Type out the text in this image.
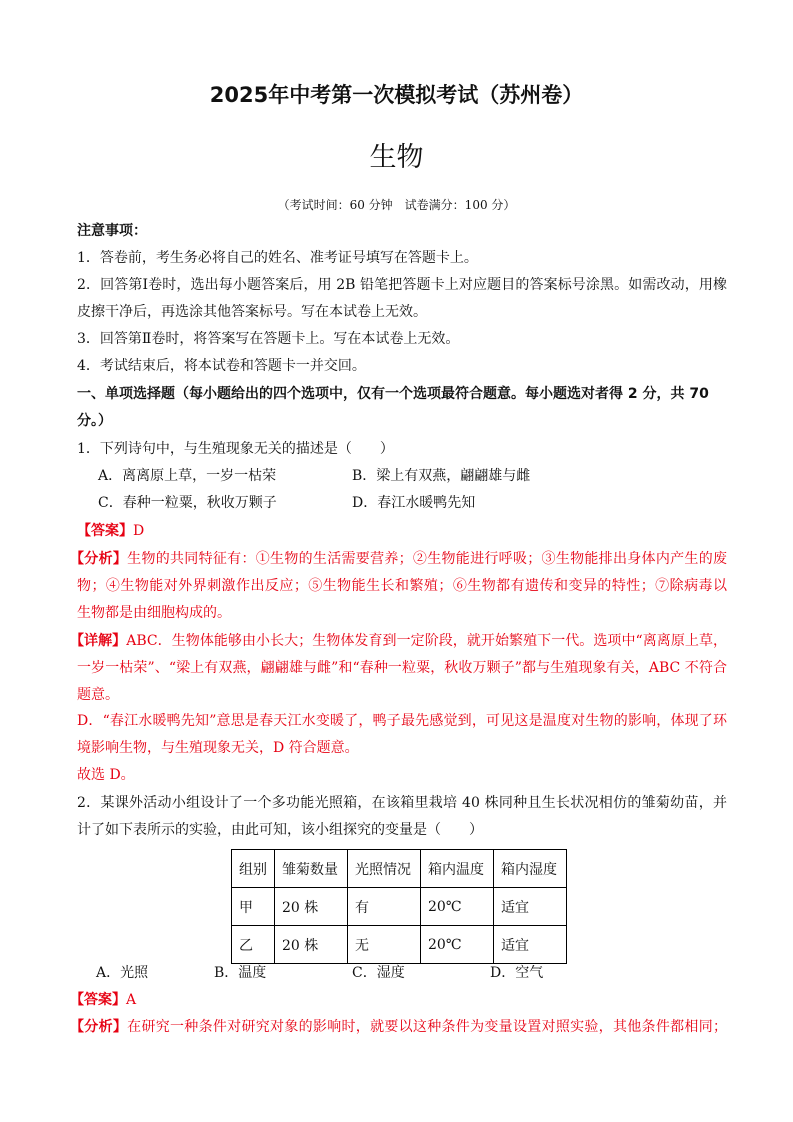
2025年中考第一次模拟考试（苏州卷）
生物
（考试时间：60 分钟　试卷满分：100 分）
注意事项：
1．答卷前，考生务必将自己的姓名、准考证号填写在答题卡上。
2．回答第Ⅰ卷时，选出每小题答案后，用 2B 铅笔把答题卡上对应题目的答案标号涂黑。如需改动，用橡
皮擦干净后，再选涂其他答案标号。写在本试卷上无效。
3．回答第Ⅱ卷时，将答案写在答题卡上。写在本试卷上无效。
4．考试结束后，将本试卷和答题卡一并交回。
一、单项选择题（每小题给出的四个选项中，仅有一个选项最符合题意。每小题选对者得 2 分，共 70
分。）
1．下列诗句中，与生殖现象无关的描述是（　　）
A．离离原上草，一岁一枯荣	B．梁上有双燕，翩翩雄与雌
C．春种一粒粟，秋收万颗子	D．春江水暖鸭先知
【答案】D
【分析】生物的共同特征有：①生物的生活需要营养；②生物能进行呼吸；③生物能排出身体内产生的废
物；④生物能对外界刺激作出反应；⑤生物能生长和繁殖；⑥生物都有遗传和变异的特性；⑦除病毒以
生物都是由细胞构成的。
【详解】ABC．生物体能够由小长大；生物体发育到一定阶段，就开始繁殖下一代。选项中“离离原上草，
一岁一枯荣”、“梁上有双燕，翩翩雄与雌”和“春种一粒粟，秋收万颗子”都与生殖现象有关，ABC 不符合
题意。
D．“春江水暖鸭先知”意思是春天江水变暖了，鸭子最先感觉到，可见这是温度对生物的影响，体现了环
境影响生物，与生殖现象无关，D 符合题意。
故选 D。
2．某课外活动小组设计了一个多功能光照箱，在该箱里栽培 40 株同种且生长状况相仿的雏菊幼苗，并
计了如下表所示的实验，由此可知，该小组探究的变量是（　　）
组别	雏菊数量	光照情况	箱内温度	箱内湿度
甲	20 株	有	20℃	适宜
乙	20 株	无	20℃	适宜
A．光照	B．温度	C．湿度	D．空气
【答案】A
【分析】在研究一种条件对研究对象的影响时，就要以这种条件为变量设置对照实验，其他条件都相同；
